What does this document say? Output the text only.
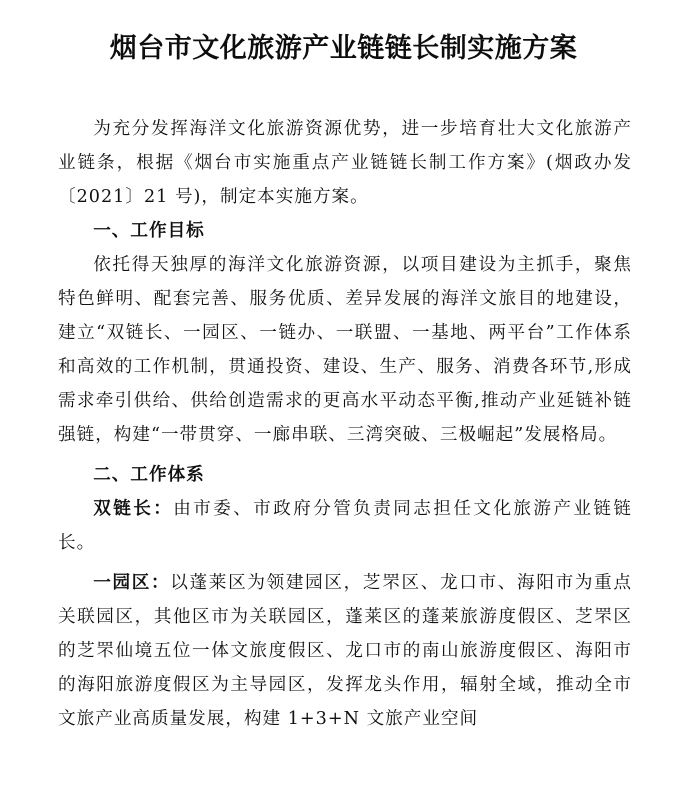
烟台市文化旅游产业链链长制实施方案

为充分发挥海洋文化旅游资源优势，进一步培育壮大文化旅游产业链条，根据《烟台市实施重点产业链链长制工作方案》(烟政办发〔2021〕21 号)，制定本实施方案。

一、工作目标

依托得天独厚的海洋文化旅游资源，以项目建设为主抓手，聚焦特色鲜明、配套完善、服务优质、差异发展的海洋文旅目的地建设，建立“双链长、一园区、一链办、一联盟、一基地、两平台”工作体系和高效的工作机制，贯通投资、建设、生产、服务、消费各环节,形成需求牵引供给、供给创造需求的更高水平动态平衡,推动产业延链补链强链，构建“一带贯穿、一廊串联、三湾突破、三极崛起”发展格局。

二、工作体系

双链长：由市委、市政府分管负责同志担任文化旅游产业链链长。

一园区：以蓬莱区为领建园区，芝罘区、龙口市、海阳市为重点关联园区，其他区市为关联园区，蓬莱区的蓬莱旅游度假区、芝罘区的芝罘仙境五位一体文旅度假区、龙口市的南山旅游度假区、海阳市的海阳旅游度假区为主导园区，发挥龙头作用，辐射全域，推动全市文旅产业高质量发展，构建 1+3+N 文旅产业空间
